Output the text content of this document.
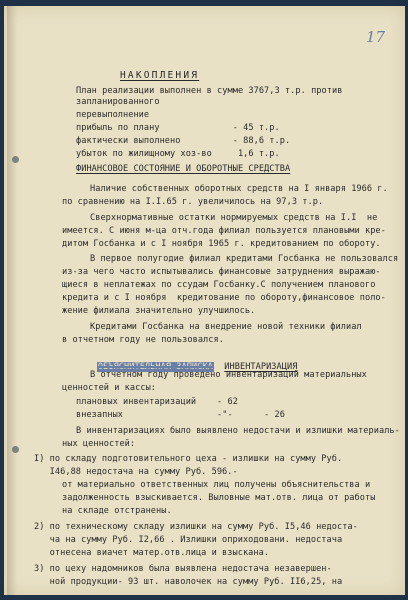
17
НАКОПЛЕНИЯ
План реализации выполнен в сумме 3767,3 т.р. против
запланированного
перевыполнение
прибыль по плану              - 45 т.р.
фактически выполнено          - 88,6 т.р.
убыток по жилищному хоз-во     1,6 т.р.
ФИНАНСОВОЕ СОСТОЯНИЕ И ОБОРОТНЫЕ СРЕДСТВА
Наличие собственных оборотных средств на I января 1966 г.
по сравнению на I.I.65 г. увеличилось на 97,3 т.р.
Сверхнормативные остатки нормируемых средств на I.I  не
имеется. С июня м-ца отч.года филиал пользуется плановыми кре-
дитом Госбанка и с I ноября 1965 г. кредитованием по обороту.
В первое полугодие филиал кредитами Госбанка не пользовался
из-за чего часто испытывались финансовые затруднения выражаю-
щиеся в неплатежах по ссудам Госбанку.С получением планового
кредита и с I ноября  кредитование по обороту,финансовое поло-
жение филиала значительно улучшилось.
Кредитами Госбанка на внедрение новой техники филиал
в отчетном году не пользовался.

ОБЪЯСНИТЕЛЬНАЯ ЗАПИСКА ИНВЕНТАРИЗАЦИЯ

В отчетном году проведено инвентаризаций материальных
ценностей и кассы:
плановых инвентаризаций    - 62
внезапных                  -"-      - 26
В инвентаризациях было выявлено недостачи и излишки материаль-
ных ценностей:
I) по складу подготовительного цеха - излишки на сумму Руб.
I46,88 недостача на сумму Руб. 596.-
от материально ответственных лиц получены объяснительства и
задолженность взыскивается. Выловные мат.отв. лица от работы
на складе отстранены.
2) по техническому складу излишки на сумму Руб. I5,46 недоста-
ча на сумму Руб. I2,66 . Излишки оприходовани. недостача
отнесена виачет матер.отв.лица и взыскана.
3) по цеху надомников была выявлена недостача незавершен-
ной продукции- 93 шт. наволочек на сумму Руб. II6,25, на
